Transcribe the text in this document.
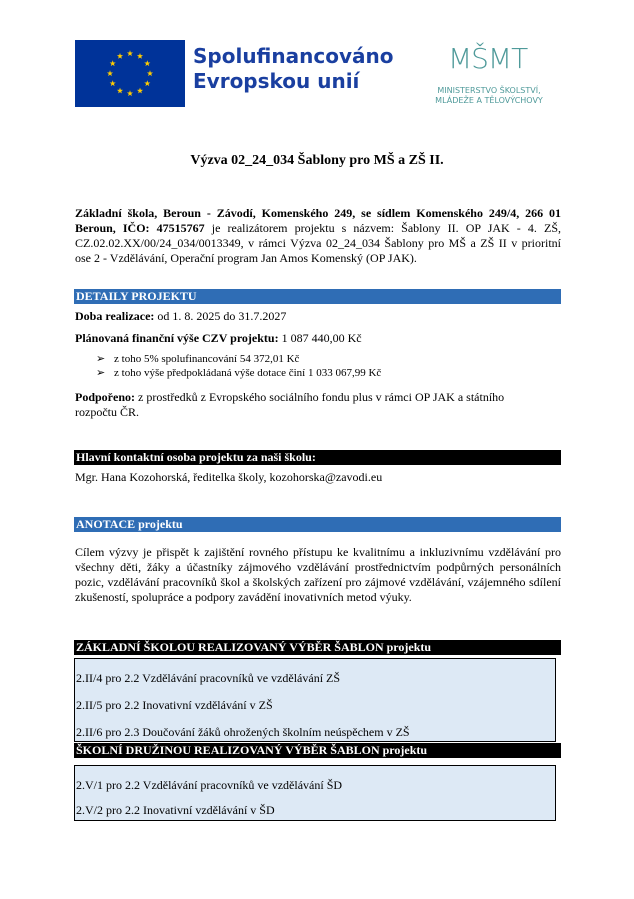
Spolufinancováno
Evropskou unií
MŠMT
MINISTERSTVO ŠKOLSTVÍ,
MLÁDEŽE A TĚLOVÝCHOVY
Výzva 02_24_034 Šablony pro MŠ a ZŠ II.
Základní škola, Beroun - Závodí, Komenského 249, se sídlem Komenského 249/4, 266 01 Beroun, IČO: 47515767 je realizátorem projektu s názvem: Šablony II. OP JAK - 4. ZŠ, CZ.02.02.XX/00/24_034/0013349, v rámci Výzva 02_24_034 Šablony pro MŠ a ZŠ II v prioritní ose 2 - Vzdělávání, Operační program Jan Amos Komenský (OP JAK).
DETAILY PROJEKTU
Doba realizace: od 1. 8. 2025 do 31.7.2027
Plánovaná finanční výše CZV projektu: 1 087 440,00 Kč
➢ z toho 5% spolufinancování 54 372,01 Kč
➢ z toho výše předpokládaná výše dotace činí 1 033 067,99 Kč
Podpořeno: z prostředků z Evropského sociálního fondu plus v rámci OP JAK a státního
rozpočtu ČR.
Hlavní kontaktní osoba projektu za naši školu:
Mgr. Hana Kozohorská, ředitelka školy, kozohorska@zavodi.eu
ANOTACE projektu
Cílem výzvy je přispět k zajištění rovného přístupu ke kvalitnímu a inkluzivnímu vzdělávání pro všechny děti, žáky a účastníky zájmového vzdělávání prostřednictvím podpůrných personálních pozic, vzdělávání pracovníků škol a školských zařízení pro zájmové vzdělávání, vzájemného sdílení zkušeností, spolupráce a podpory zavádění inovativních metod výuky.
ZÁKLADNÍ ŠKOLOU REALIZOVANÝ VÝBĚR ŠABLON projektu
2.II/4 pro 2.2 Vzdělávání pracovníků ve vzdělávání ZŠ
2.II/5 pro 2.2 Inovativní vzdělávání v ZŠ
2.II/6 pro 2.3 Doučování žáků ohrožených školním neúspěchem v ZŠ
ŠKOLNÍ DRUŽINOU REALIZOVANÝ VÝBĚR ŠABLON projektu
2.V/1 pro 2.2 Vzdělávání pracovníků ve vzdělávání ŠD
2.V/2 pro 2.2 Inovativní vzdělávání v ŠD
